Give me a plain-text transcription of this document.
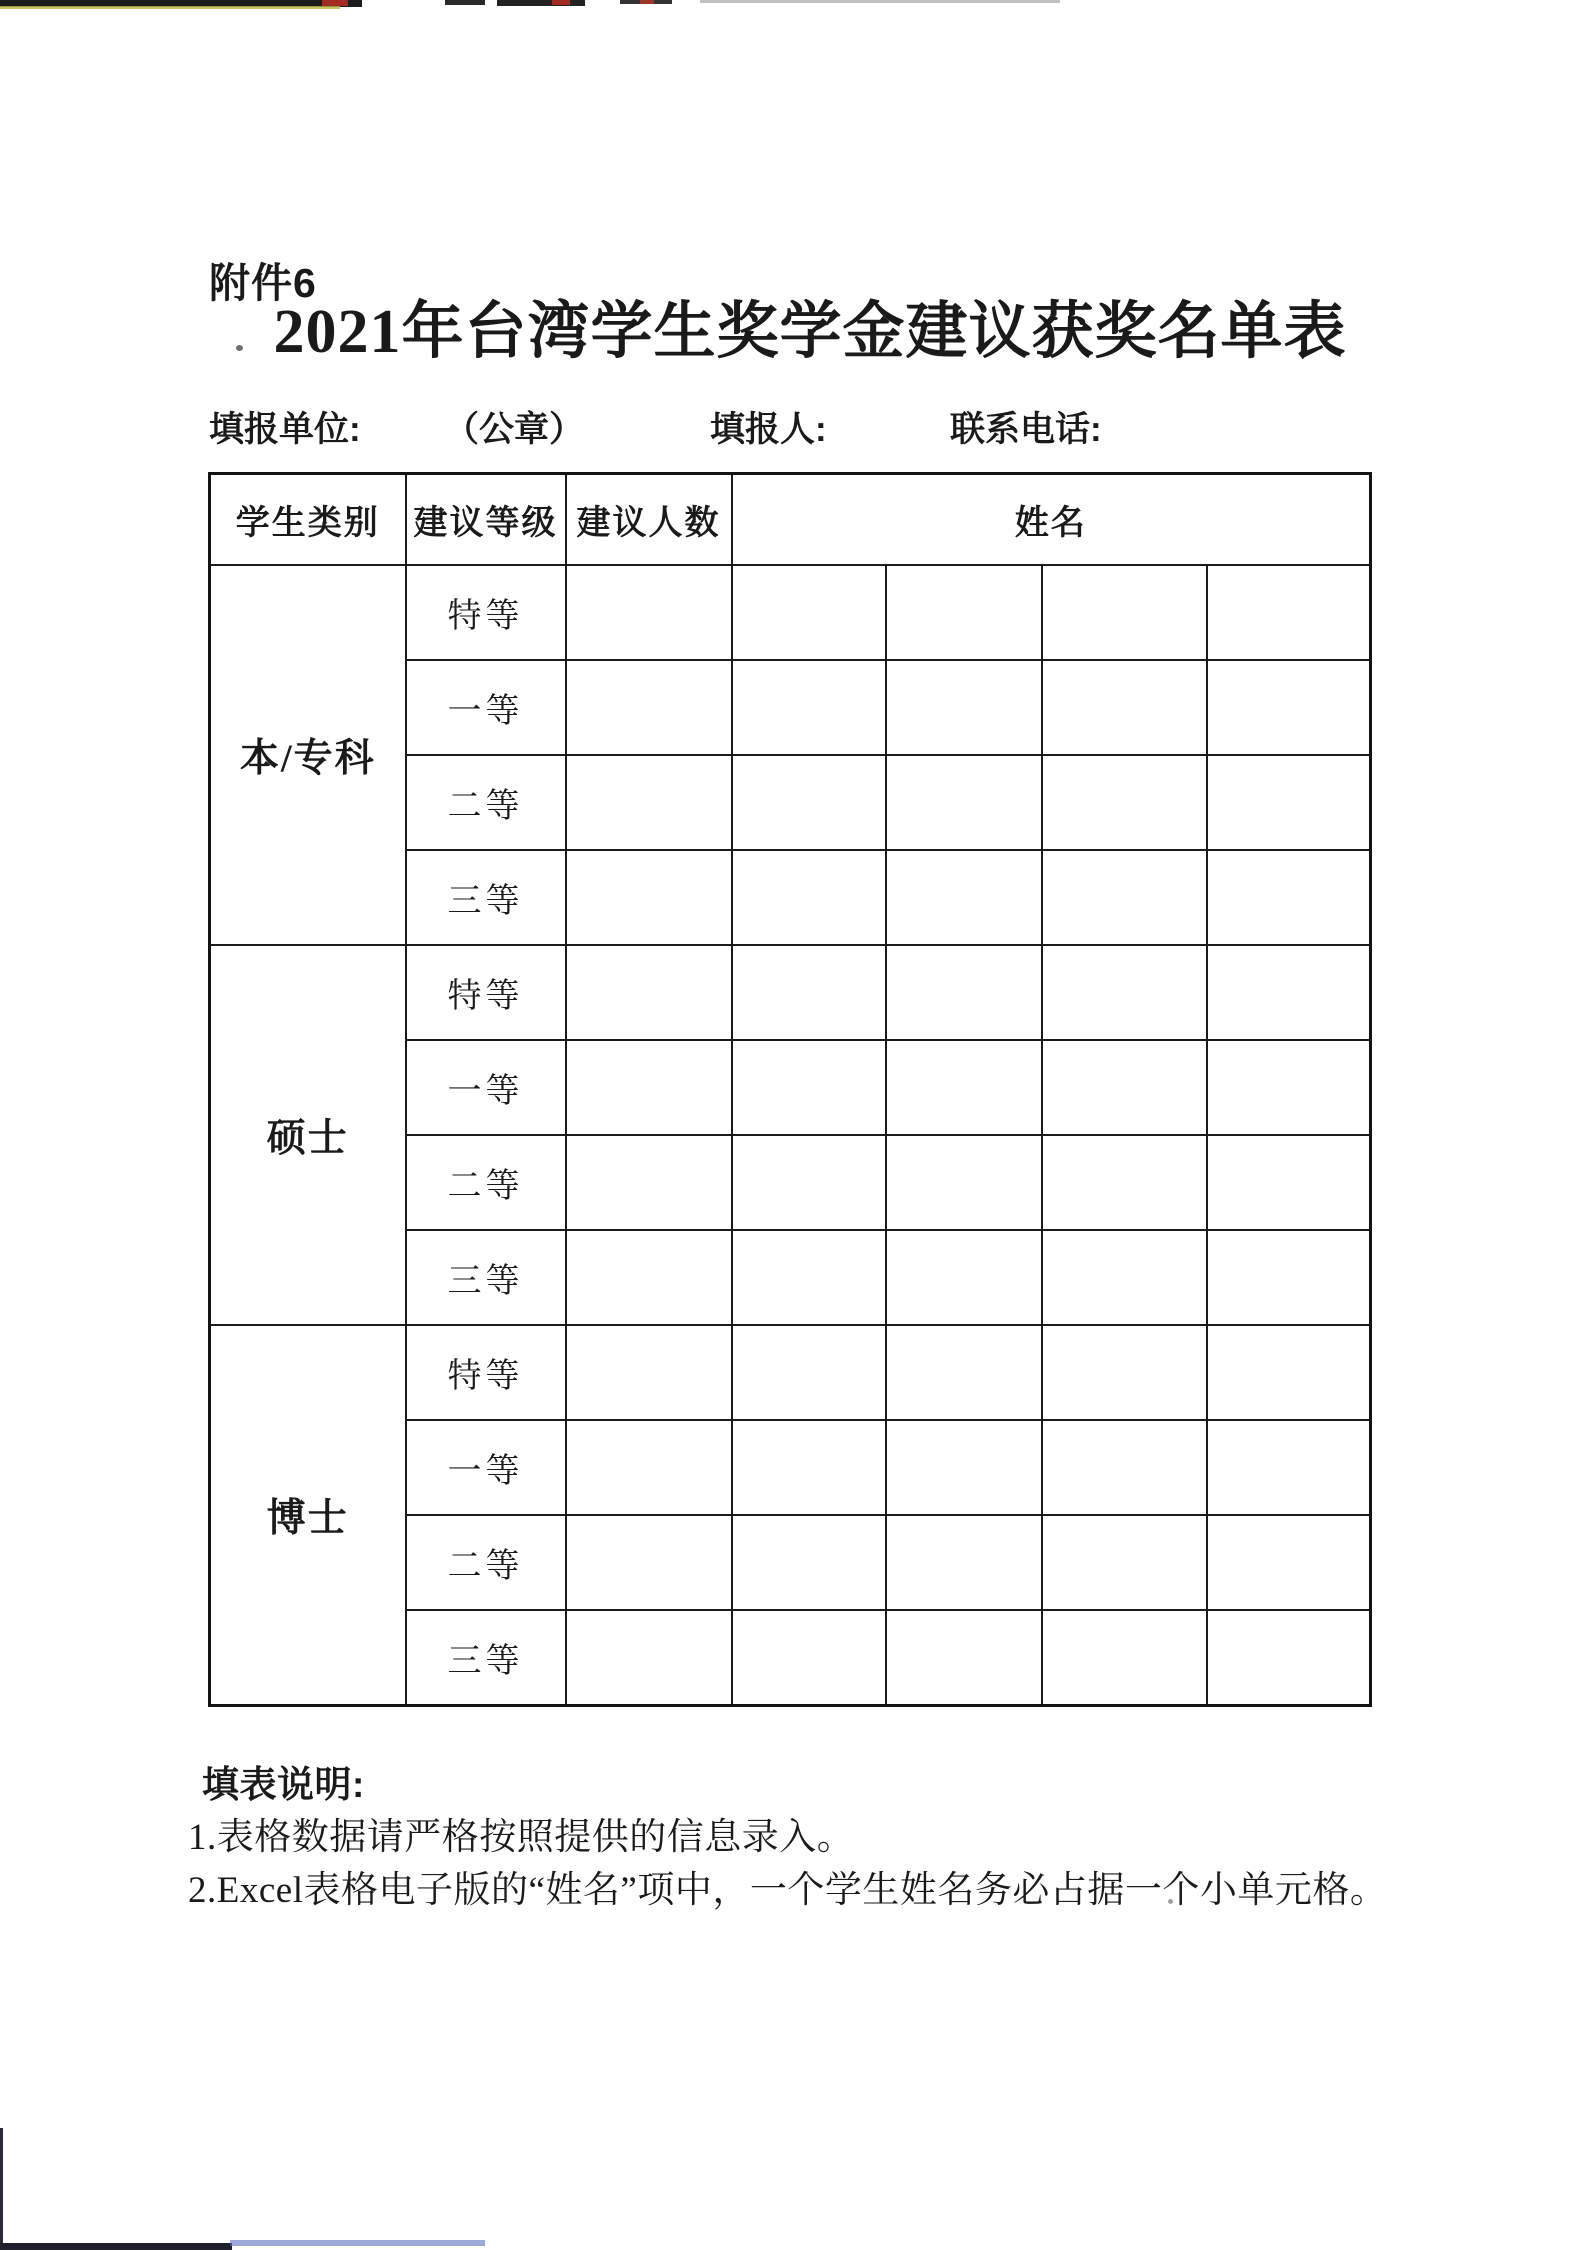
附件6
2021年台湾学生奖学金建议获奖名单表
填报单位: （公章）	填报人:	联系电话:
学生类别	建议等级	建议人数	姓名			
本/专科	特等					
	一等					
	二等					
	三等					
硕士	特等					
	一等					
	二等					
	三等					
博士	特等					
	一等					
	二等					
	三等					
填表说明:
1.表格数据请严格按照提供的信息录入。
2.Excel表格电子版的“姓名”项中，一个学生姓名务必占据一个小单元格。
